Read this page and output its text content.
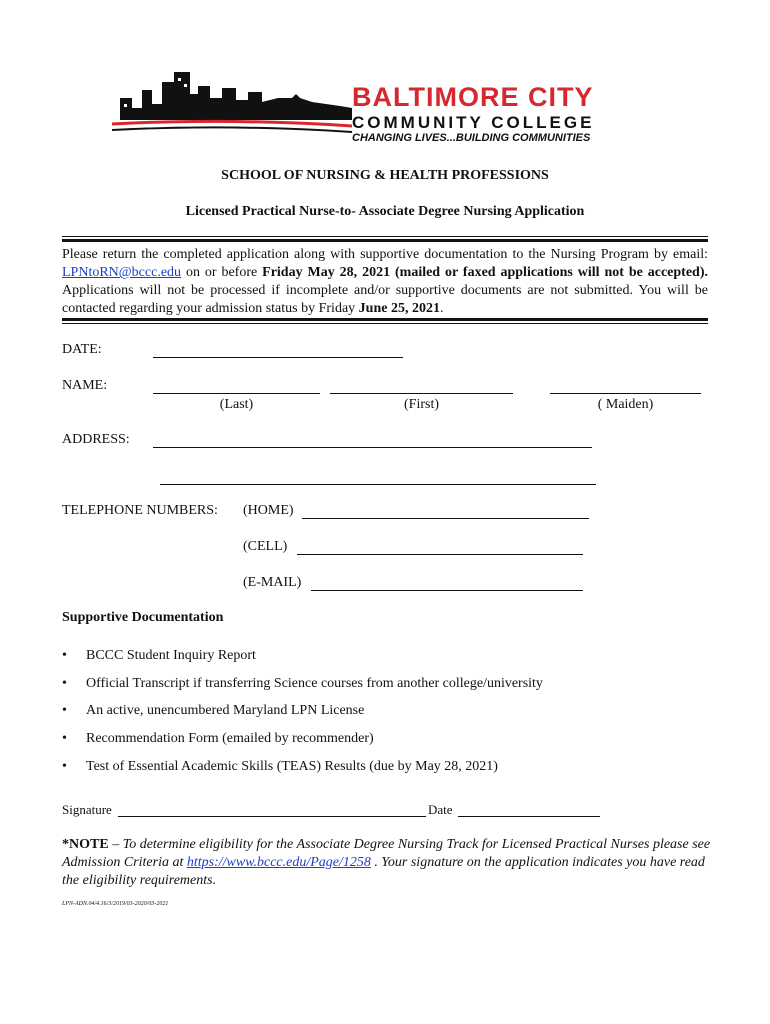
BALTIMORE CITY
COMMUNITY COLLEGE
CHANGING LIVES...BUILDING COMMUNITIES
SCHOOL OF NURSING & HEALTH PROFESSIONS
Licensed Practical Nurse-to- Associate Degree Nursing Application
Please return the completed application along with supportive documentation to the Nursing Program by email: LPNtoRN@bccc.edu on or before Friday May 28, 2021 (mailed or faxed applications will not be accepted). Applications will not be processed if incomplete and/or supportive documents are not submitted. You will be contacted regarding your admission status by Friday June 25, 2021.
DATE:
NAME:
(Last)	(First)	( Maiden)
ADDRESS:
TELEPHONE NUMBERS: (HOME)
(CELL)
(E-MAIL)
Supportive Documentation
• BCCC Student Inquiry Report
• Official Transcript if transferring Science courses from another college/university
• An active, unencumbered Maryland LPN License
• Recommendation Form (emailed by recommender)
• Test of Essential Academic Skills (TEAS) Results (due by May 28, 2021)
Signature	Date
*NOTE – To determine eligibility for the Associate Degree Nursing Track for Licensed Practical Nurses please see Admission Criteria at https://www.bccc.edu/Page/1258 . Your signature on the application indicates you have read the eligibility requirements.
LPN-ADN.04/4.16/3/2019/03-2020/03-2021
